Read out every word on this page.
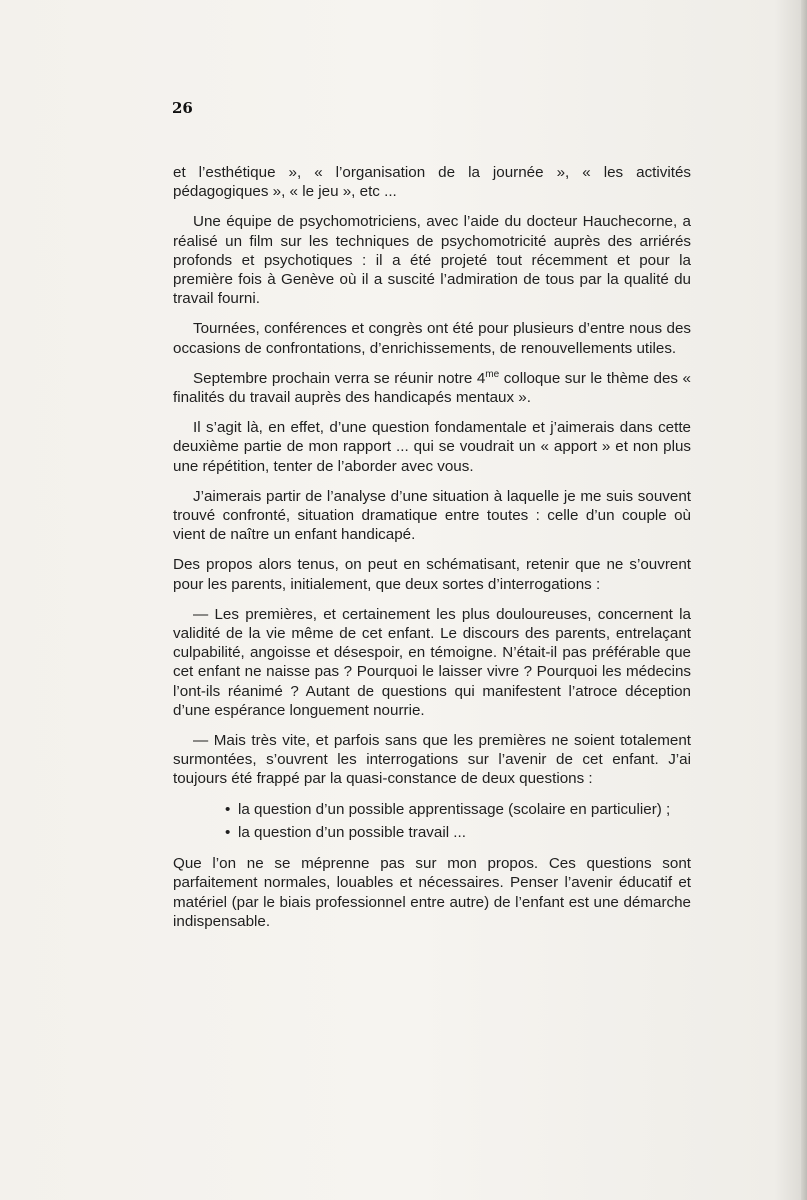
26

et l’esthétique », « l’organisation de la journée », « les activités pédagogiques », « le jeu », etc ...

Une équipe de psychomotriciens, avec l’aide du docteur Hauchecorne, a réalisé un film sur les techniques de psychomotricité auprès des arriérés profonds et psychotiques : il a été projeté tout récemment et pour la première fois à Genève où il a suscité l’admiration de tous par la qualité du travail fourni.

Tournées, conférences et congrès ont été pour plusieurs d’entre nous des occasions de confrontations, d’enrichissements, de renouvellements utiles.

Septembre prochain verra se réunir notre $4^{me}$ colloque sur le thème des « finalités du travail auprès des handicapés mentaux ».

Il s’agit là, en effet, d’une question fondamentale et j’aimerais dans cette deuxième partie de mon rapport ... qui se voudrait un « apport » et non plus une répétition, tenter de l’aborder avec vous.

J’aimerais partir de l’analyse d’une situation à laquelle je me suis souvent trouvé confronté, situation dramatique entre toutes : celle d’un couple où vient de naître un enfant handicapé.

Des propos alors tenus, on peut en schématisant, retenir que ne s’ouvrent pour les parents, initialement, que deux sortes d’interrogations :

— Les premières, et certainement les plus douloureuses, concernent la validité de la vie même de cet enfant. Le discours des parents, entrelaçant culpabilité, angoisse et désespoir, en témoigne. N’était-il pas préférable que cet enfant ne naisse pas ? Pourquoi le laisser vivre ? Pourquoi les médecins l’ont-ils réanimé ? Autant de questions qui manifestent l’atroce déception d’une espérance longuement nourrie.

— Mais très vite, et parfois sans que les premières ne soient totalement surmontées, s’ouvrent les interrogations sur l’avenir de cet enfant. J’ai toujours été frappé par la quasi-constance de deux questions :

• la question d’un possible apprentissage (scolaire en particulier) ;
• la question d’un possible travail ...

Que l’on ne se méprenne pas sur mon propos. Ces questions sont parfaitement normales, louables et nécessaires. Penser l’avenir éducatif et matériel (par le biais professionnel entre autre) de l’enfant est une démarche indispensable.
